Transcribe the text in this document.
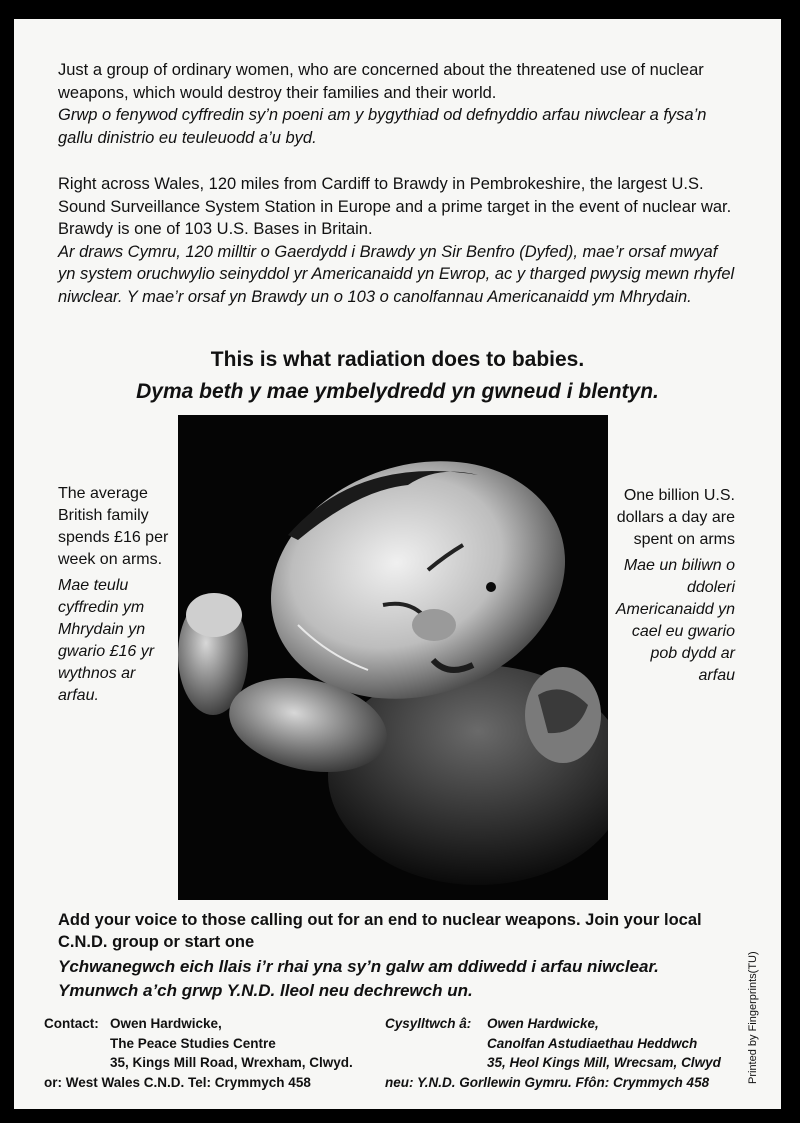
Just a group of ordinary women, who are concerned about the threatened use of nuclear weapons, which would destroy their families and their world.
Grwp o fenywod cyffredin sy’n poeni am y bygythiad od defnyddio arfau niwclear a fysa’n gallu dinistrio eu teuleuodd a’u byd.

Right across Wales, 120 miles from Cardiff to Brawdy in Pembrokeshire, the largest U.S. Sound Surveillance System Station in Europe and a prime target in the event of nuclear war. Brawdy is one of 103 U.S. Bases in Britain.
Ar draws Cymru, 120 milltir o Gaerdydd i Brawdy yn Sir Benfro (Dyfed), mae’r orsaf mwyaf yn system oruchwylio seinyddol yr Americanaidd yn Ewrop, ac y tharged pwysig mewn rhyfel niwclear. Y mae’r orsaf yn Brawdy un o 103 o canolfannau Americanaidd ym Mhrydain.

This is what radiation does to babies.

Dyma beth y mae ymbelydredd yn gwneud i blentyn.

The average British family spends £16 per week on arms.
Mae teulu cyffredin ym Mhrydain yn gwario £16 yr wythnos ar arfau.

One billion U.S. dollars a day are spent on arms
Mae un biliwn o ddoleri Americanaidd yn cael eu gwario pob dydd ar arfau

Add your voice to those calling out for an end to nuclear weapons. Join your local C.N.D. group or start one

Ychwanegwch eich llais i’r rhai yna sy’n galw am ddiwedd i arfau niwclear. Ymunwch a’ch grwp Y.N.D. lleol neu dechrewch un.

Contact: Owen Hardwicke,
The Peace Studies Centre
35, Kings Mill Road, Wrexham, Clwyd.
or: West Wales C.N.D. Tel: Crymmych 458
Cysylltwch â:	Owen Hardwicke,
Canolfan Astudiaethau Heddwch
35, Heol Kings Mill, Wrecsam, Clwyd
neu: Y.N.D. Gorllewin Gymru. Ffôn: Crymmych 458	Printed by Fingerprints(TU)
